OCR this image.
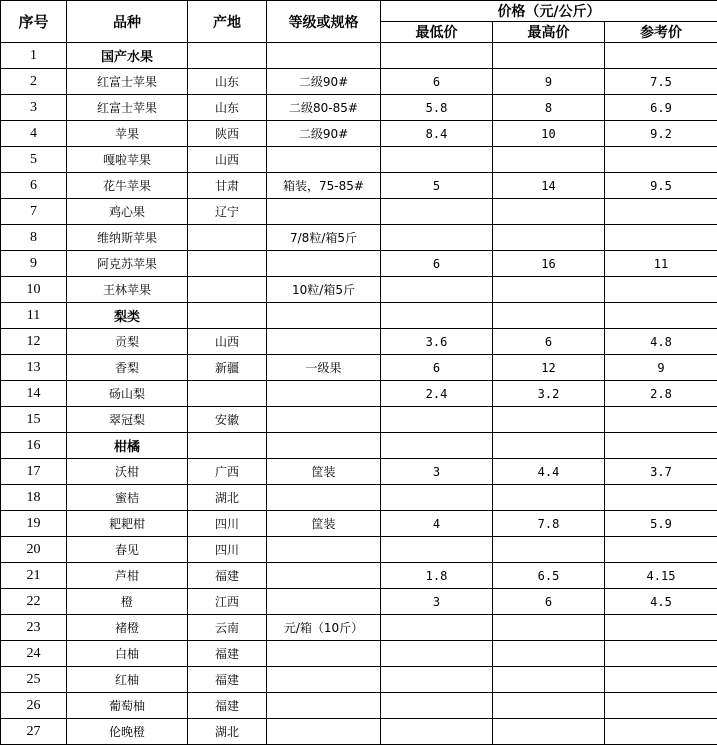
序号	品种	产地	等级或规格	价格（元/公斤）		
				最低价	最高价	参考价
1	国产水果					
2	红富士苹果	山东	二级90#	6	9	7.5
3	红富士苹果	山东	二级80-85#	5.8	8	6.9
4	苹果	陕西	二级90#	8.4	10	9.2
5	嘎啦苹果	山西				
6	花牛苹果	甘肃	箱装，75-85#	5	14	9.5
7	鸡心果	辽宁				
8	维纳斯苹果		7/8粒/箱5斤			
9	阿克苏苹果			6	16	11
10	王林苹果		10粒/箱5斤			
11	梨类					
12	贡梨	山西		3.6	6	4.8
13	香梨	新疆	一级果	6	12	9
14	砀山梨			2.4	3.2	2.8
15	翠冠梨	安徽				
16	柑橘					
17	沃柑	广西	筐装	3	4.4	3.7
18	蜜桔	湖北				
19	耙耙柑	四川	筐装	4	7.8	5.9
20	春见	四川				
21	芦柑	福建		1.8	6.5	4.15
22	橙	江西		3	6	4.5
23	褚橙	云南	元/箱（10斤）			
24	白柚	福建				
25	红柚	福建				
26	葡萄柚	福建				
27	伦晚橙	湖北				
